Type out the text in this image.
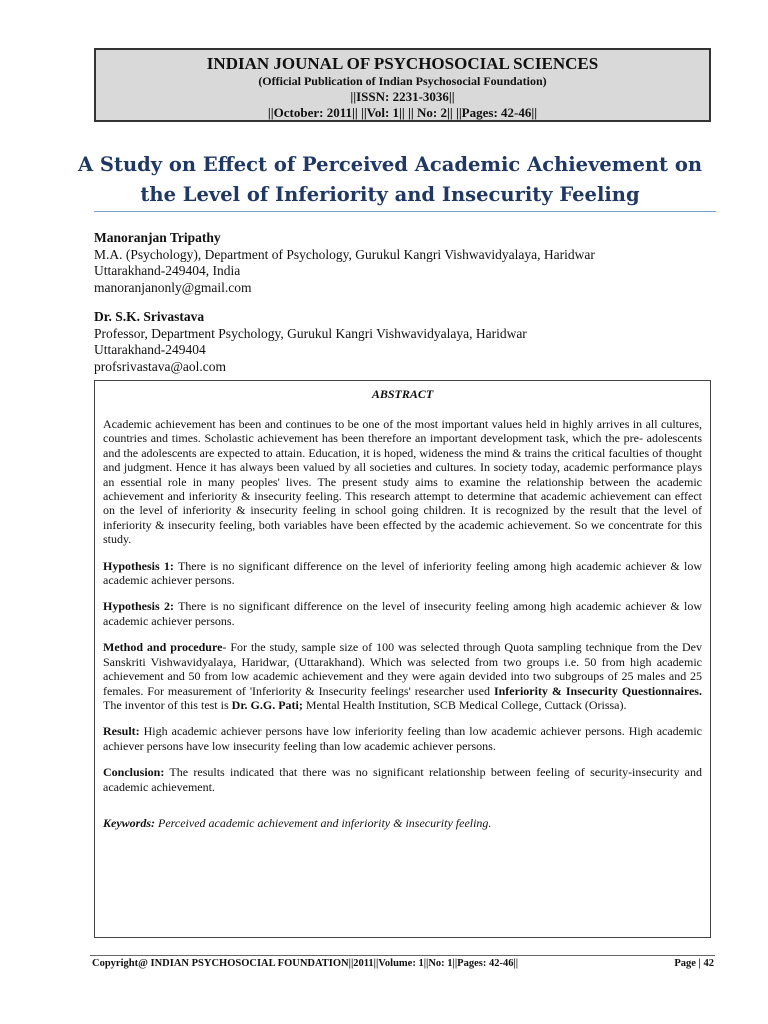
INDIAN JOUNAL OF PSYCHOSOCIAL SCIENCES
(Official Publication of Indian Psychosocial Foundation)
||ISSN: 2231-3036||
||October: 2011|| ||Vol: 1|| || No: 2|| ||Pages: 42-46||
A Study on Effect of Perceived Academic Achievement on the Level of Inferiority and Insecurity Feeling
Manoranjan Tripathy
M.A. (Psychology), Department of Psychology, Gurukul Kangri Vishwavidyalaya, Haridwar
Uttarakhand-249404, India
manoranjanonly@gmail.com
Dr. S.K. Srivastava
Professor, Department Psychology, Gurukul Kangri Vishwavidyalaya, Haridwar
Uttarakhand-249404
profsrivastava@aol.com
ABSTRACT

Academic achievement has been and continues to be one of the most important values held in highly arrives in all cultures, countries and times. Scholastic achievement has been therefore an important development task, which the pre- adolescents and the adolescents are expected to attain. Education, it is hoped, wideness the mind & trains the critical faculties of thought and judgment. Hence it has always been valued by all societies and cultures. In society today, academic performance plays an essential role in many peoples' lives. The present study aims to examine the relationship between the academic achievement and inferiority & insecurity feeling. This research attempt to determine that academic achievement can effect on the level of inferiority & insecurity feeling in school going children. It is recognized by the result that the level of inferiority & insecurity feeling, both variables have been effected by the academic achievement. So we concentrate for this study.

Hypothesis 1: There is no significant difference on the level of inferiority feeling among high academic achiever & low academic achiever persons.

Hypothesis 2: There is no significant difference on the level of insecurity feeling among high academic achiever & low academic achiever persons.

Method and procedure- For the study, sample size of 100 was selected through Quota sampling technique from the Dev Sanskriti Vishwavidyalaya, Haridwar, (Uttarakhand). Which was selected from two groups i.e. 50 from high academic achievement and 50 from low academic achievement and they were again devided into two subgroups of 25 males and 25 females. For measurement of 'Inferiority & Insecurity feelings' researcher used Inferiority & Insecurity Questionnaires. The inventor of this test is Dr. G.G. Pati; Mental Health Institution, SCB Medical College, Cuttack (Orissa).

Result: High academic achiever persons have low inferiority feeling than low academic achiever persons. High academic achiever persons have low insecurity feeling than low academic achiever persons.

Conclusion: The results indicated that there was no significant relationship between feeling of security-insecurity and academic achievement.

Keywords: Perceived academic achievement and inferiority & insecurity feeling.
Copyright@ INDIAN PSYCHOSOCIAL FOUNDATION||2011||Volume: 1||No: 1||Pages: 42-46||	Page | 42
